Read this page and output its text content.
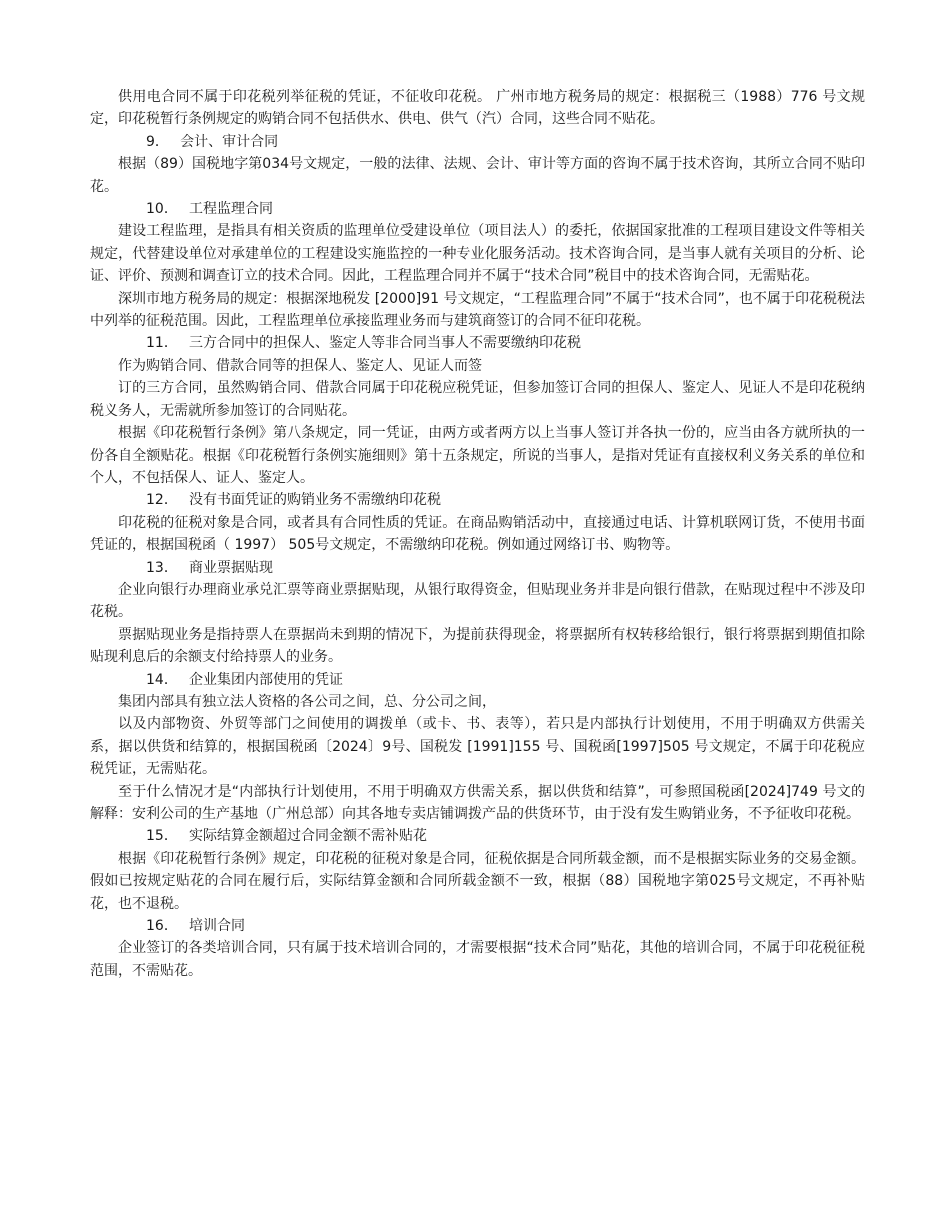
供用电合同不属于印花税列举征税的凭证，不征收印花税。 广州市地方税务局的规定：根据税三（1988）776 号文规定，印花税暂行条例规定的购销合同不包括供水、供电、供气（汽）合同，这些合同不贴花。

9． 会计、审计合同

根据（89）国税地字第034号文规定，一般的法律、法规、会计、审计等方面的咨询不属于技术咨询，其所立合同不贴印花。

10． 工程监理合同

建设工程监理，是指具有相关资质的监理单位受建设单位（项目法人）的委托，依据国家批准的工程项目建设文件等相关规定，代替建设单位对承建单位的工程建设实施监控的一种专业化服务活动。技术咨询合同，是当事人就有关项目的分析、论证、评价、预测和调查订立的技术合同。因此，工程监理合同并不属于“技术合同”税目中的技术咨询合同，无需贴花。

深圳市地方税务局的规定：根据深地税发 [2000]91 号文规定，“工程监理合同”不属于“技术合同”，也不属于印花税税法中列举的征税范围。因此，工程监理单位承接监理业务而与建筑商签订的合同不征印花税。

11． 三方合同中的担保人、鉴定人等非合同当事人不需要缴纳印花税

作为购销合同、借款合同等的担保人、鉴定人、见证人而签

订的三方合同，虽然购销合同、借款合同属于印花税应税凭证，但参加签订合同的担保人、鉴定人、见证人不是印花税纳税义务人，无需就所参加签订的合同贴花。

根据《印花税暂行条例》第八条规定，同一凭证，由两方或者两方以上当事人签订并各执一份的，应当由各方就所执的一份各自全额贴花。根据《印花税暂行条例实施细则》第十五条规定，所说的当事人，是指对凭证有直接权利义务关系的单位和个人，不包括保人、证人、鉴定人。

12． 没有书面凭证的购销业务不需缴纳印花税

印花税的征税对象是合同，或者具有合同性质的凭证。在商品购销活动中，直接通过电话、计算机联网订货，不使用书面凭证的，根据国税函（ 1997） 505号文规定，不需缴纳印花税。例如通过网络订书、购物等。

13． 商业票据贴现

企业向银行办理商业承兑汇票等商业票据贴现，从银行取得资金，但贴现业务并非是向银行借款，在贴现过程中不涉及印花税。

票据贴现业务是指持票人在票据尚未到期的情况下，为提前获得现金，将票据所有权转移给银行，银行将票据到期值扣除贴现利息后的余额支付给持票人的业务。

14． 企业集团内部使用的凭证

集团内部具有独立法人资格的各公司之间，总、分公司之间，

以及内部物资、外贸等部门之间使用的调拨单（或卡、书、表等），若只是内部执行计划使用，不用于明确双方供需关系，据以供货和结算的，根据国税函〔2024〕9号、国税发 [1991]155 号、国税函[1997]505 号文规定，不属于印花税应税凭证，无需贴花。

至于什么情况才是“内部执行计划使用，不用于明确双方供需关系，据以供货和结算”，可参照国税函[2024]749 号文的解释：安利公司的生产基地（广州总部）向其各地专卖店铺调拨产品的供货环节，由于没有发生购销业务，不予征收印花税。

15． 实际结算金额超过合同金额不需补贴花

根据《印花税暂行条例》规定，印花税的征税对象是合同，征税依据是合同所载金额，而不是根据实际业务的交易金额。假如已按规定贴花的合同在履行后，实际结算金额和合同所载金额不一致，根据（88）国税地字第025号文规定，不再补贴花，也不退税。

16． 培训合同

企业签订的各类培训合同，只有属于技术培训合同的，才需要根据“技术合同”贴花，其他的培训合同，不属于印花税征税范围，不需贴花。
